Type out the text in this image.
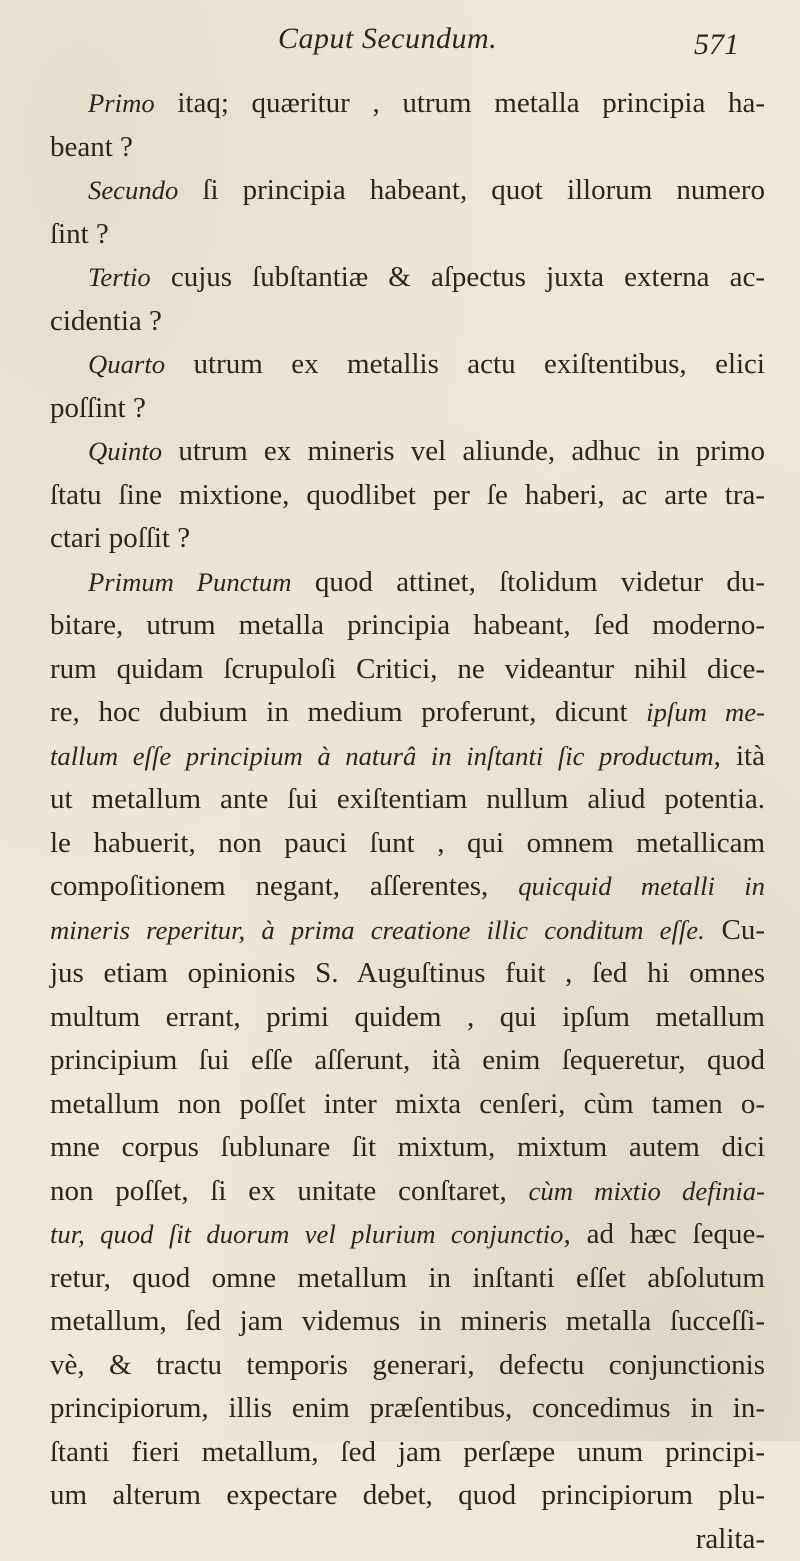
Caput Secundum.	571
Primo itaq; quæritur , utrum metalla principia ha-
beant ?
Secundo ſi principia habeant, quot illorum numero
ſint ?
Tertio cujus ſubſtantiæ & aſpectus juxta externa ac-
cidentia ?
Quarto utrum ex metallis actu exiſtentibus, elici
poſſint ?
Quinto utrum ex mineris vel aliunde, adhuc in primo
ſtatu ſine mixtione, quodlibet per ſe haberi, ac arte tra-
ctari poſſit ?
Primum Punctum quod attinet, ſtolidum videtur du-
bitare, utrum metalla principia habeant, ſed moderno-
rum quidam ſcrupuloſi Critici, ne videantur nihil dice-
re, hoc dubium in medium proferunt, dicunt ipſum me-
tallum eſſe principium à naturâ in inſtanti ſic productum, ità
ut metallum ante ſui exiſtentiam nullum aliud potentia.
le habuerit, non pauci ſunt , qui omnem metallicam
compoſitionem negant, aſſerentes, quicquid metalli in
mineris reperitur, à prima creatione illic conditum eſſe. Cu-
jus etiam opinionis S. Auguſtinus fuit , ſed hi omnes
multum errant, primi quidem , qui ipſum metallum
principium ſui eſſe aſſerunt, ità enim ſequeretur, quod
metallum non poſſet inter mixta cenſeri, cùm tamen o-
mne corpus ſublunare ſit mixtum, mixtum autem dici
non poſſet, ſi ex unitate conſtaret, cùm mixtio definia-
tur, quod ſit duorum vel plurium conjunctio, ad hæc ſeque-
retur, quod omne metallum in inſtanti eſſet abſolutum
metallum, ſed jam videmus in mineris metalla ſucceſſi-
vè, & tractu temporis generari, defectu conjunctionis
principiorum, illis enim præſentibus, concedimus in in-
ſtanti fieri metallum, ſed jam perſæpe unum principi-
um alterum expectare debet, quod principiorum plu-
ralita-
